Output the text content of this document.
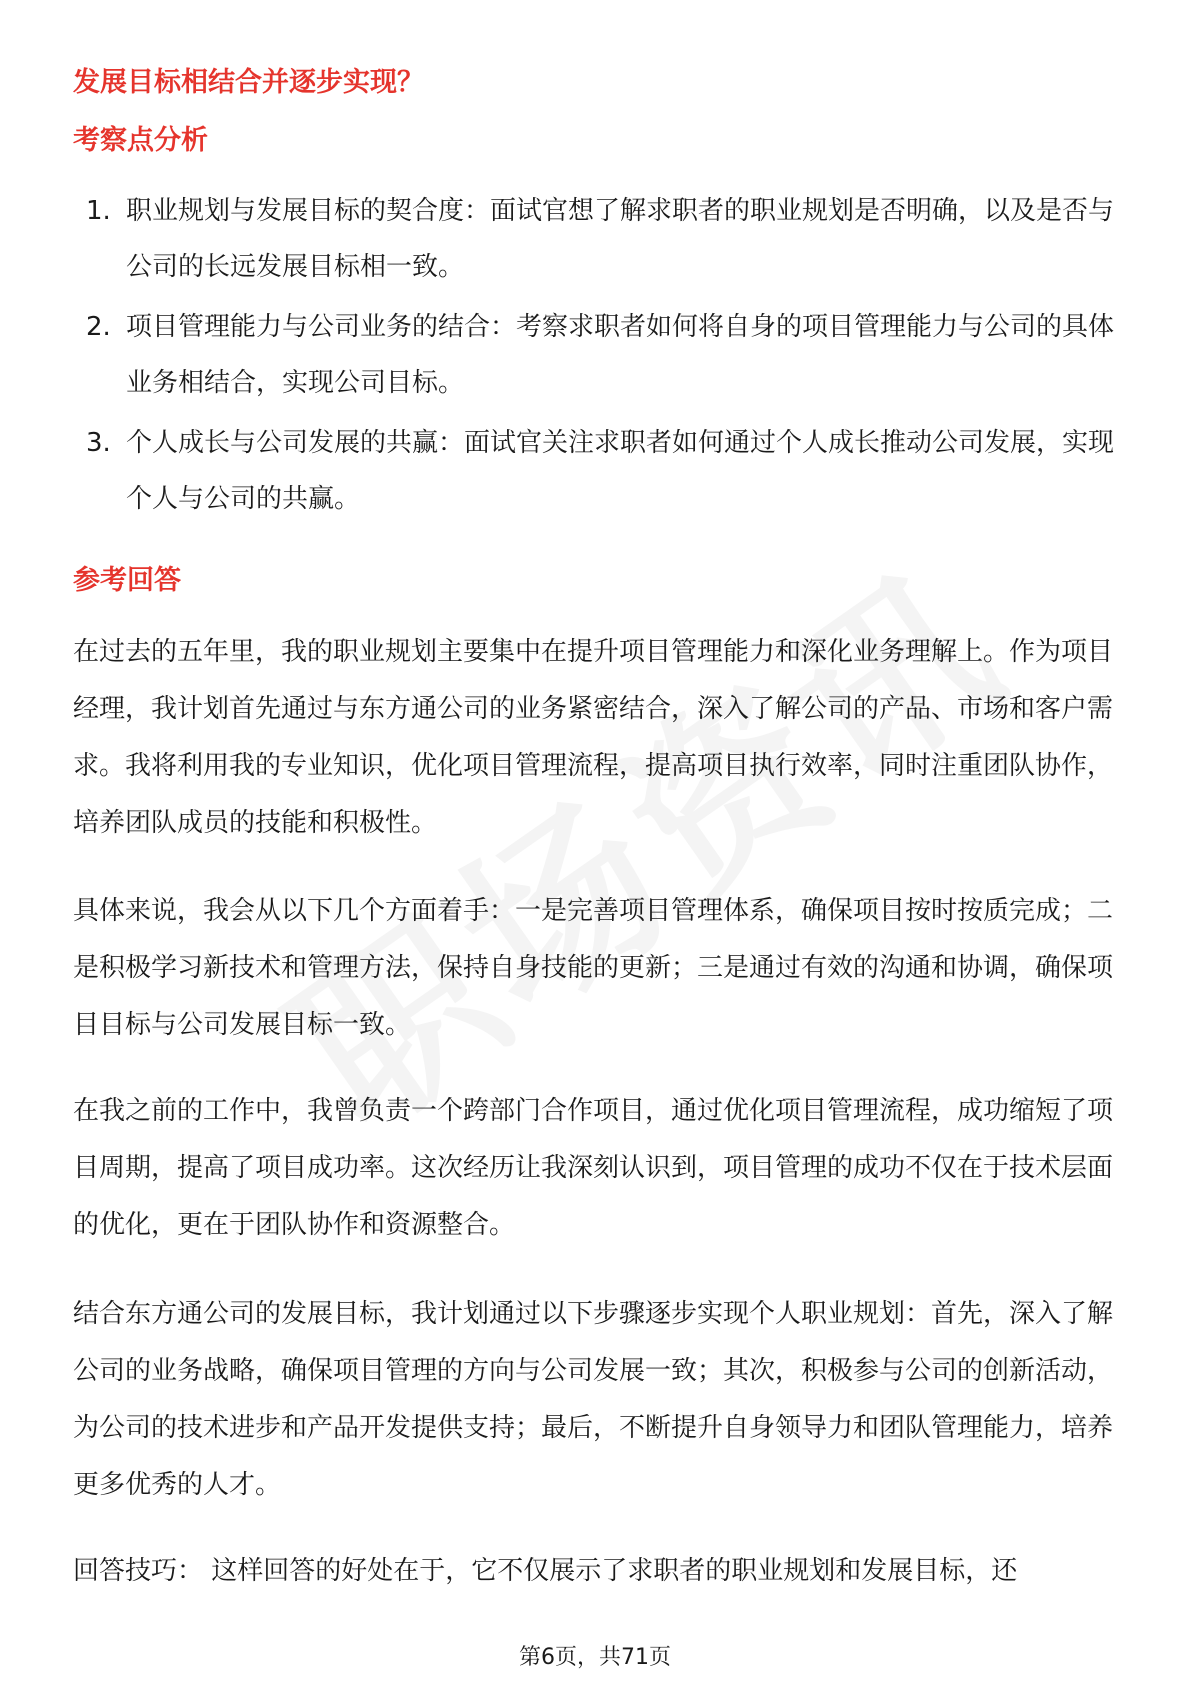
发展目标相结合并逐步实现？
考察点分析
1. 职业规划与发展目标的契合度：面试官想了解求职者的职业规划是否明确，以及是否与公司的长远发展目标相一致。
2. 项目管理能力与公司业务的结合：考察求职者如何将自身的项目管理能力与公司的具体业务相结合，实现公司目标。
3. 个人成长与公司发展的共赢：面试官关注求职者如何通过个人成长推动公司发展，实现个人与公司的共赢。
参考回答

在过去的五年里，我的职业规划主要集中在提升项目管理能力和深化业务理解上。作为项目经理，我计划首先通过与东方通公司的业务紧密结合，深入了解公司的产品、市场和客户需求。我将利用我的专业知识，优化项目管理流程，提高项目执行效率，同时注重团队协作，培养团队成员的技能和积极性。

具体来说，我会从以下几个方面着手：一是完善项目管理体系，确保项目按时按质完成；二是积极学习新技术和管理方法，保持自身技能的更新；三是通过有效的沟通和协调，确保项目目标与公司发展目标一致。

在我之前的工作中，我曾负责一个跨部门合作项目，通过优化项目管理流程，成功缩短了项目周期，提高了项目成功率。这次经历让我深刻认识到，项目管理的成功不仅在于技术层面的优化，更在于团队协作和资源整合。

结合东方通公司的发展目标，我计划通过以下步骤逐步实现个人职业规划：首先，深入了解公司的业务战略，确保项目管理的方向与公司发展一致；其次，积极参与公司的创新活动，为公司的技术进步和产品开发提供支持；最后，不断提升自身领导力和团队管理能力，培养更多优秀的人才。

回答技巧： 这样回答的好处在于，它不仅展示了求职者的职业规划和发展目标，还

第6页，共71页
